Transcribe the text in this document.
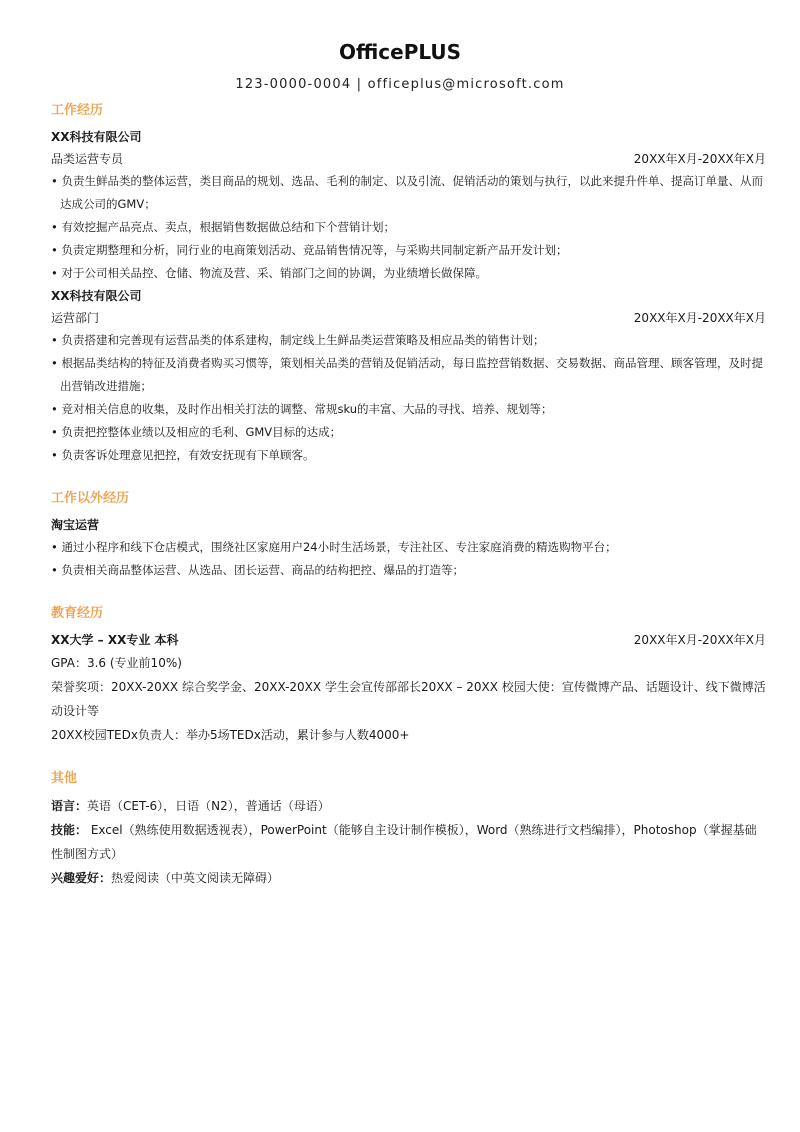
OfficePLUS
123-0000-0004 | officeplus@microsoft.com
工作经历
XX科技有限公司
品类运营专员	20XX年X月-20XX年X月
• 负责生鲜品类的整体运营，类目商品的规划、选品、毛利的制定、以及引流、促销活动的策划与执行，以此来提升件单、提高订单量、从而达成公司的GMV；
• 有效挖掘产品亮点、卖点，根据销售数据做总结和下个营销计划；
• 负责定期整理和分析，同行业的电商策划活动、竞品销售情况等，与采购共同制定新产品开发计划；
• 对于公司相关品控、仓储、物流及营、采、销部门之间的协调，为业绩增长做保障。
XX科技有限公司
运营部门	20XX年X月-20XX年X月
• 负责搭建和完善现有运营品类的体系建构，制定线上生鲜品类运营策略及相应品类的销售计划；
• 根据品类结构的特征及消费者购买习惯等，策划相关品类的营销及促销活动，每日监控营销数据、交易数据、商品管理、顾客管理，及时提出营销改进措施；
• 竞对相关信息的收集，及时作出相关打法的调整、常规sku的丰富、大品的寻找、培养、规划等；
• 负责把控整体业绩以及相应的毛利、GMV目标的达成；
• 负责客诉处理意见把控，有效安抚现有下单顾客。
工作以外经历
淘宝运营
• 通过小程序和线下仓店模式，围绕社区家庭用户24小时生活场景，专注社区、专注家庭消费的精选购物平台；
• 负责相关商品整体运营、从选品、团长运营、商品的结构把控、爆品的打造等；
教育经历
XX大学 – XX专业 本科	20XX年X月-20XX年X月
GPA：3.6 (专业前10%)
荣誉奖项：20XX-20XX 综合奖学金、20XX-20XX 学生会宣传部部长20XX – 20XX 校园大使：宣传微博产品、话题设计、线下微博活动设计等
20XX校园TEDx负责人：举办5场TEDx活动，累计参与人数4000+
其他
语言：英语（CET-6），日语（N2），普通话（母语）
技能： Excel（熟练使用数据透视表），PowerPoint（能够自主设计制作模板），Word（熟练进行文档编排），Photoshop（掌握基础性制图方式）
兴趣爱好：热爱阅读（中英文阅读无障碍）
